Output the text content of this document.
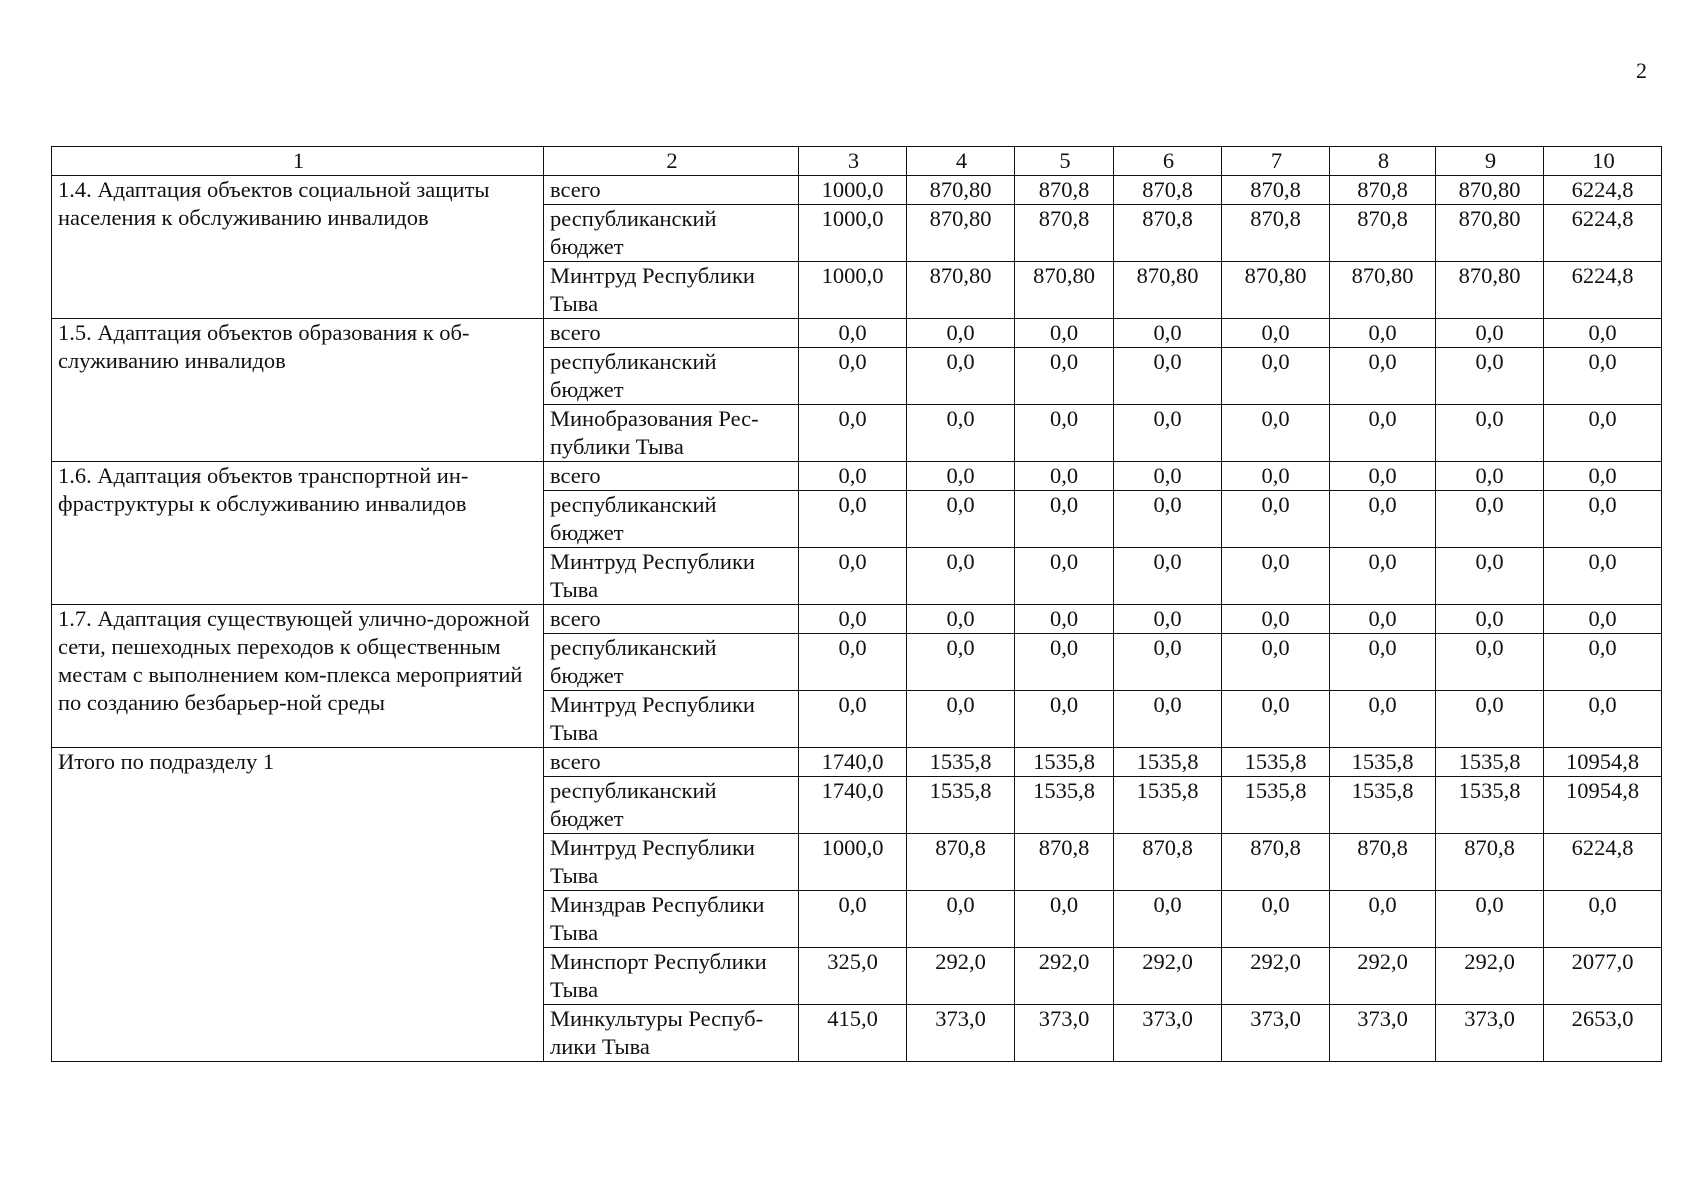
2
1	2	3	4	5	6	7	8	9	10
1.4. Адаптация объектов социальной защиты населения к обслуживанию инвалидов	всего	1000,0	870,80	870,8	870,8	870,8	870,8	870,80	6224,8
	республиканский бюджет	1000,0	870,80	870,8	870,8	870,8	870,8	870,80	6224,8
	Минтруд Республики Тыва	1000,0	870,80	870,80	870,80	870,80	870,80	870,80	6224,8
1.5. Адаптация объектов образования к об-служиванию инвалидов	всего	0,0	0,0	0,0	0,0	0,0	0,0	0,0	0,0
	республиканский бюджет	0,0	0,0	0,0	0,0	0,0	0,0	0,0	0,0
	Минобразования Рес-публики Тыва	0,0	0,0	0,0	0,0	0,0	0,0	0,0	0,0
1.6. Адаптация объектов транспортной ин-фраструктуры к обслуживанию инвалидов	всего	0,0	0,0	0,0	0,0	0,0	0,0	0,0	0,0
	республиканский бюджет	0,0	0,0	0,0	0,0	0,0	0,0	0,0	0,0
	Минтруд Республики Тыва	0,0	0,0	0,0	0,0	0,0	0,0	0,0	0,0
1.7. Адаптация существующей улично-дорожной сети, пешеходных переходов к общественным местам с выполнением ком-плекса мероприятий по созданию безбарьер-ной среды	всего	0,0	0,0	0,0	0,0	0,0	0,0	0,0	0,0
	республиканский бюджет	0,0	0,0	0,0	0,0	0,0	0,0	0,0	0,0
	Минтруд Республики Тыва	0,0	0,0	0,0	0,0	0,0	0,0	0,0	0,0
Итого по подразделу 1	всего	1740,0	1535,8	1535,8	1535,8	1535,8	1535,8	1535,8	10954,8
	республиканский бюджет	1740,0	1535,8	1535,8	1535,8	1535,8	1535,8	1535,8	10954,8
	Минтруд Республики Тыва	1000,0	870,8	870,8	870,8	870,8	870,8	870,8	6224,8
	Минздрав Республики Тыва	0,0	0,0	0,0	0,0	0,0	0,0	0,0	0,0
	Минспорт Республики Тыва	325,0	292,0	292,0	292,0	292,0	292,0	292,0	2077,0
	Минкультуры Респуб-лики Тыва	415,0	373,0	373,0	373,0	373,0	373,0	373,0	2653,0
